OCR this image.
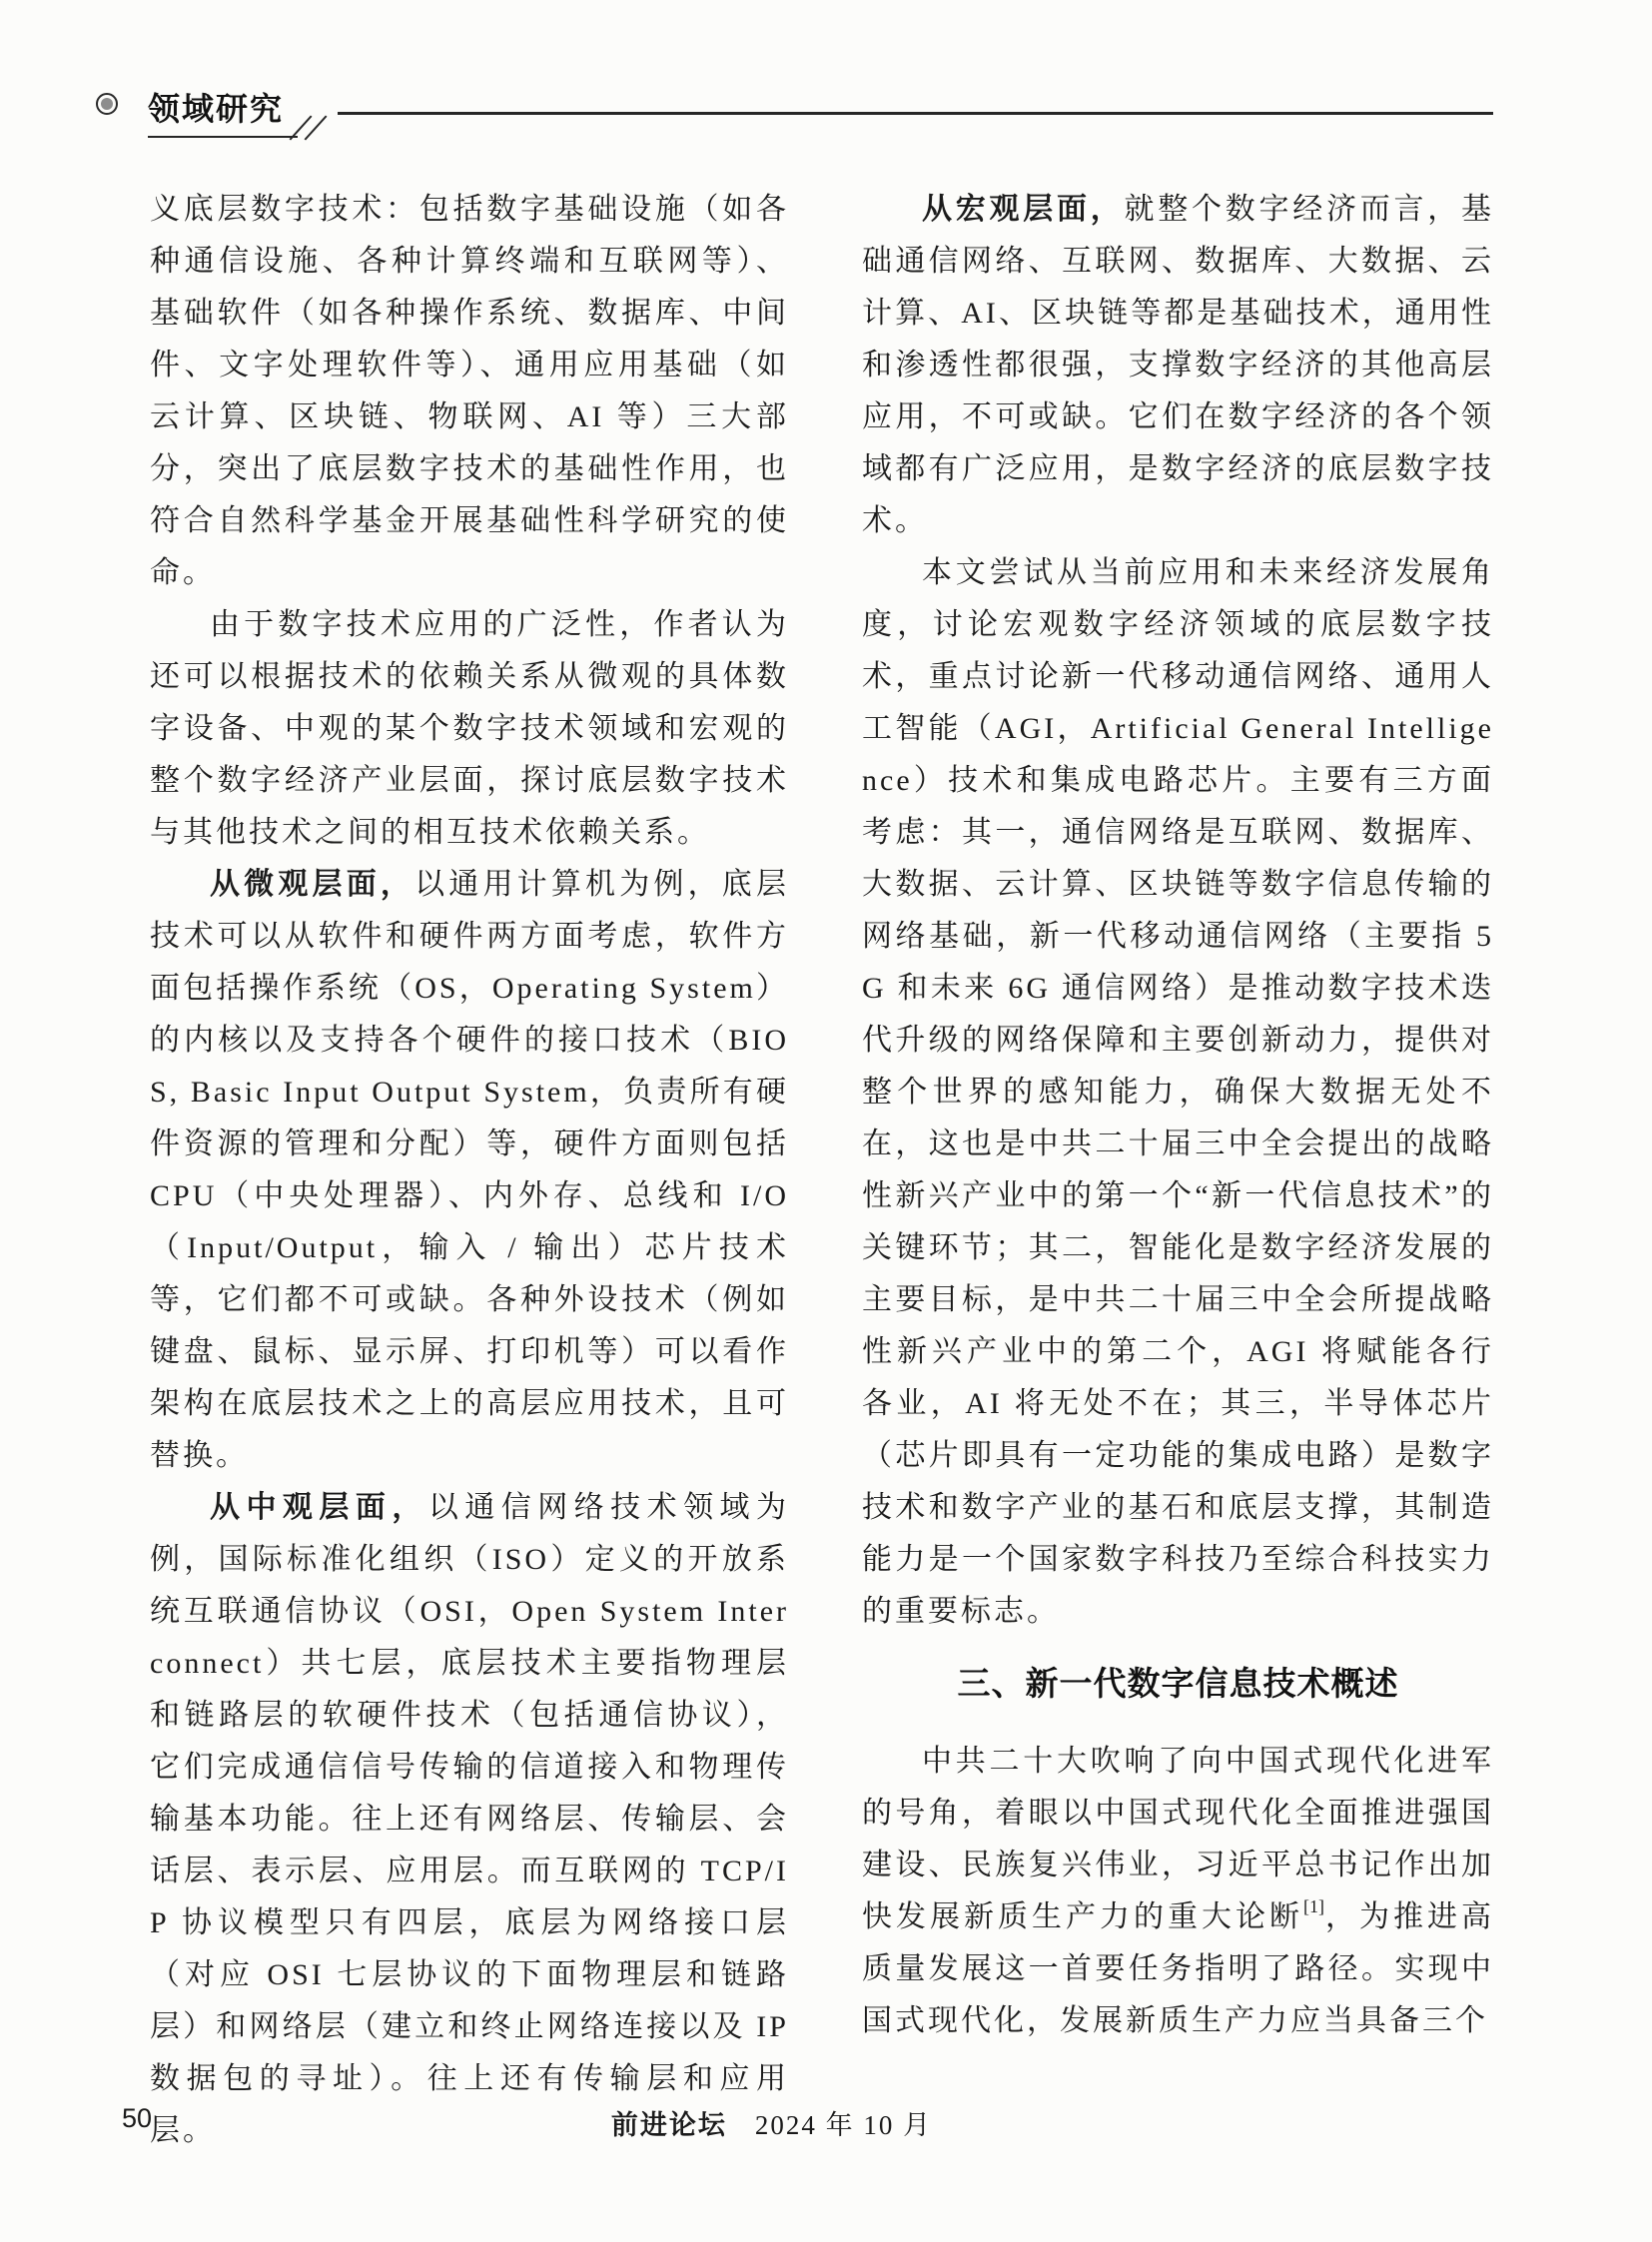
领域研究

义底层数字技术：包括数字基础设施（如各种通信设施、各种计算终端和互联网等）、基础软件（如各种操作系统、数据库、中间件、文字处理软件等）、通用应用基础（如云计算、区块链、物联网、AI 等）三大部分，突出了底层数字技术的基础性作用，也符合自然科学基金开展基础性科学研究的使命。

由于数字技术应用的广泛性，作者认为还可以根据技术的依赖关系从微观的具体数字设备、中观的某个数字技术领域和宏观的整个数字经济产业层面，探讨底层数字技术与其他技术之间的相互技术依赖关系。

从微观层面，以通用计算机为例，底层技术可以从软件和硬件两方面考虑，软件方面包括操作系统（OS，Operating System）的内核以及支持各个硬件的接口技术（BIOS, Basic Input Output System，负责所有硬件资源的管理和分配）等，硬件方面则包括 CPU（中央处理器）、内外存、总线和 I/O（Input/Output，输入 / 输出）芯片技术等，它们都不可或缺。各种外设技术（例如键盘、鼠标、显示屏、打印机等）可以看作架构在底层技术之上的高层应用技术，且可替换。

从中观层面，以通信网络技术领域为例，国际标准化组织（ISO）定义的开放系统互联通信协议（OSI，Open System Interconnect）共七层，底层技术主要指物理层和链路层的软硬件技术（包括通信协议），它们完成通信信号传输的信道接入和物理传输基本功能。往上还有网络层、传输层、会话层、表示层、应用层。而互联网的 TCP/IP 协议模型只有四层，底层为网络接口层（对应 OSI 七层协议的下面物理层和链路层）和网络层（建立和终止网络连接以及 IP 数据包的寻址）。往上还有传输层和应用层。

从宏观层面，就整个数字经济而言，基础通信网络、互联网、数据库、大数据、云计算、AI、区块链等都是基础技术，通用性和渗透性都很强，支撑数字经济的其他高层应用，不可或缺。它们在数字经济的各个领域都有广泛应用，是数字经济的底层数字技术。

本文尝试从当前应用和未来经济发展角度，讨论宏观数字经济领域的底层数字技术，重点讨论新一代移动通信网络、通用人工智能（AGI，Artificial General Intelligence）技术和集成电路芯片。主要有三方面考虑：其一，通信网络是互联网、数据库、大数据、云计算、区块链等数字信息传输的网络基础，新一代移动通信网络（主要指 5G 和未来 6G 通信网络）是推动数字技术迭代升级的网络保障和主要创新动力，提供对整个世界的感知能力，确保大数据无处不在，这也是中共二十届三中全会提出的战略性新兴产业中的第一个“新一代信息技术”的关键环节；其二，智能化是数字经济发展的主要目标，是中共二十届三中全会所提战略性新兴产业中的第二个，AGI 将赋能各行各业，AI 将无处不在；其三，半导体芯片（芯片即具有一定功能的集成电路）是数字技术和数字产业的基石和底层支撑，其制造能力是一个国家数字科技乃至综合科技实力的重要标志。

三、新一代数字信息技术概述

中共二十大吹响了向中国式现代化进军的号角，着眼以中国式现代化全面推进强国建设、民族复兴伟业，习近平总书记作出加快发展新质生产力的重大论断[1]，为推进高质量发展这一首要任务指明了路径。实现中国式现代化，发展新质生产力应当具备三个

50	前进论坛 2024 年 10 月
